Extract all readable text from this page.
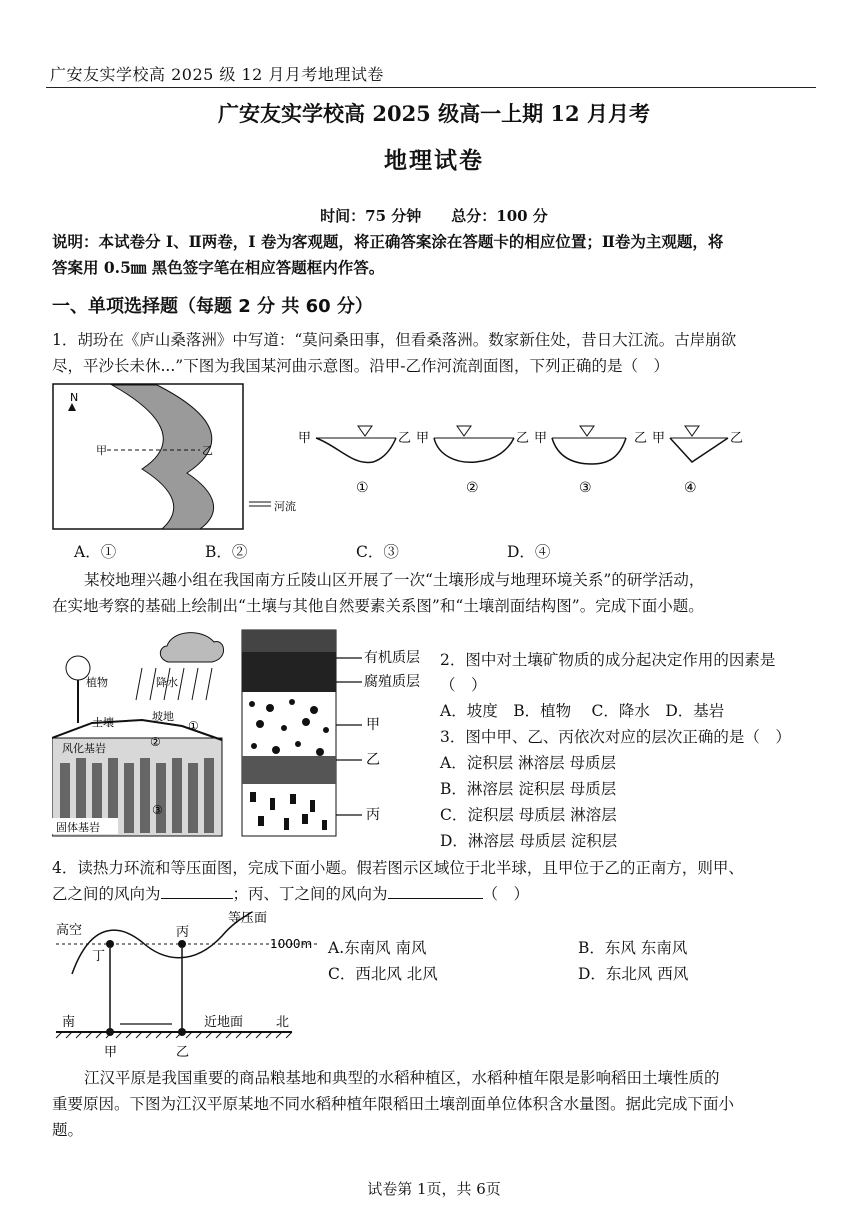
广安友实学校高 2025 级 12 月月考地理试卷
广安友实学校高 2025 级高一上期 12 月月考
地理试卷
时间：75 分钟　　总分：100 分
说明：本试卷分 I、Ⅱ两卷，I 卷为客观题，将正确答案涂在答题卡的相应位置；Ⅱ卷为主观题，将
答案用 0.5㎜ 黑色签字笔在相应答题框内作答。
一、单项选择题（每题 2 分 共 60 分）
1．胡玢在《庐山桑落洲》中写道：“莫问桑田事，但看桑落洲。数家新住处，昔日大江流。古岸崩欲
尽，平沙长未休...”下图为我国某河曲示意图。沿甲-乙作河流剖面图，下列正确的是（　）
N
甲	乙
河流
甲	乙
①
甲	乙
②
甲	乙
③
甲	乙
④
A．①	B．②	C．③	D．④
某校地理兴趣小组在我国南方丘陵山区开展了一次“土壤形成与地理环境关系”的研学活动，
在实地考察的基础上绘制出“土壤与其他自然要素关系图”和“土壤剖面结构图”。完成下面小题。
植物	降水
土壤	坡地
①
②
③
风化基岩
固体基岩
有机质层
腐殖质层
甲
乙
丙
2．图中对土壤矿物质的成分起决定作用的因素是
（　）
A．坡度　B．植物　 C．降水　D．基岩
3．图中甲、乙、丙依次对应的层次正确的是（　）
A．淀积层 淋溶层 母质层
B．淋溶层 淀积层 母质层
C．淀积层 母质层 淋溶层
D．淋溶层 母质层 淀积层
4．读热力环流和等压面图，完成下面小题。假若图示区域位于北半球，且甲位于乙的正南方，则甲、
乙之间的风向为	；丙、丁之间的风向为	（　）
高空
等压面
1000m
丙
丁
南	北
近地面
甲	乙
A.东南风 南风	B．东风 东南风
C．西北风 北风	D．东北风 西风
江汉平原是我国重要的商品粮基地和典型的水稻种植区，水稻种植年限是影响稻田土壤性质的
重要原因。下图为江汉平原某地不同水稻种植年限稻田土壤剖面单位体积含水量图。据此完成下面小
题。
试卷第 1页，共 6页
